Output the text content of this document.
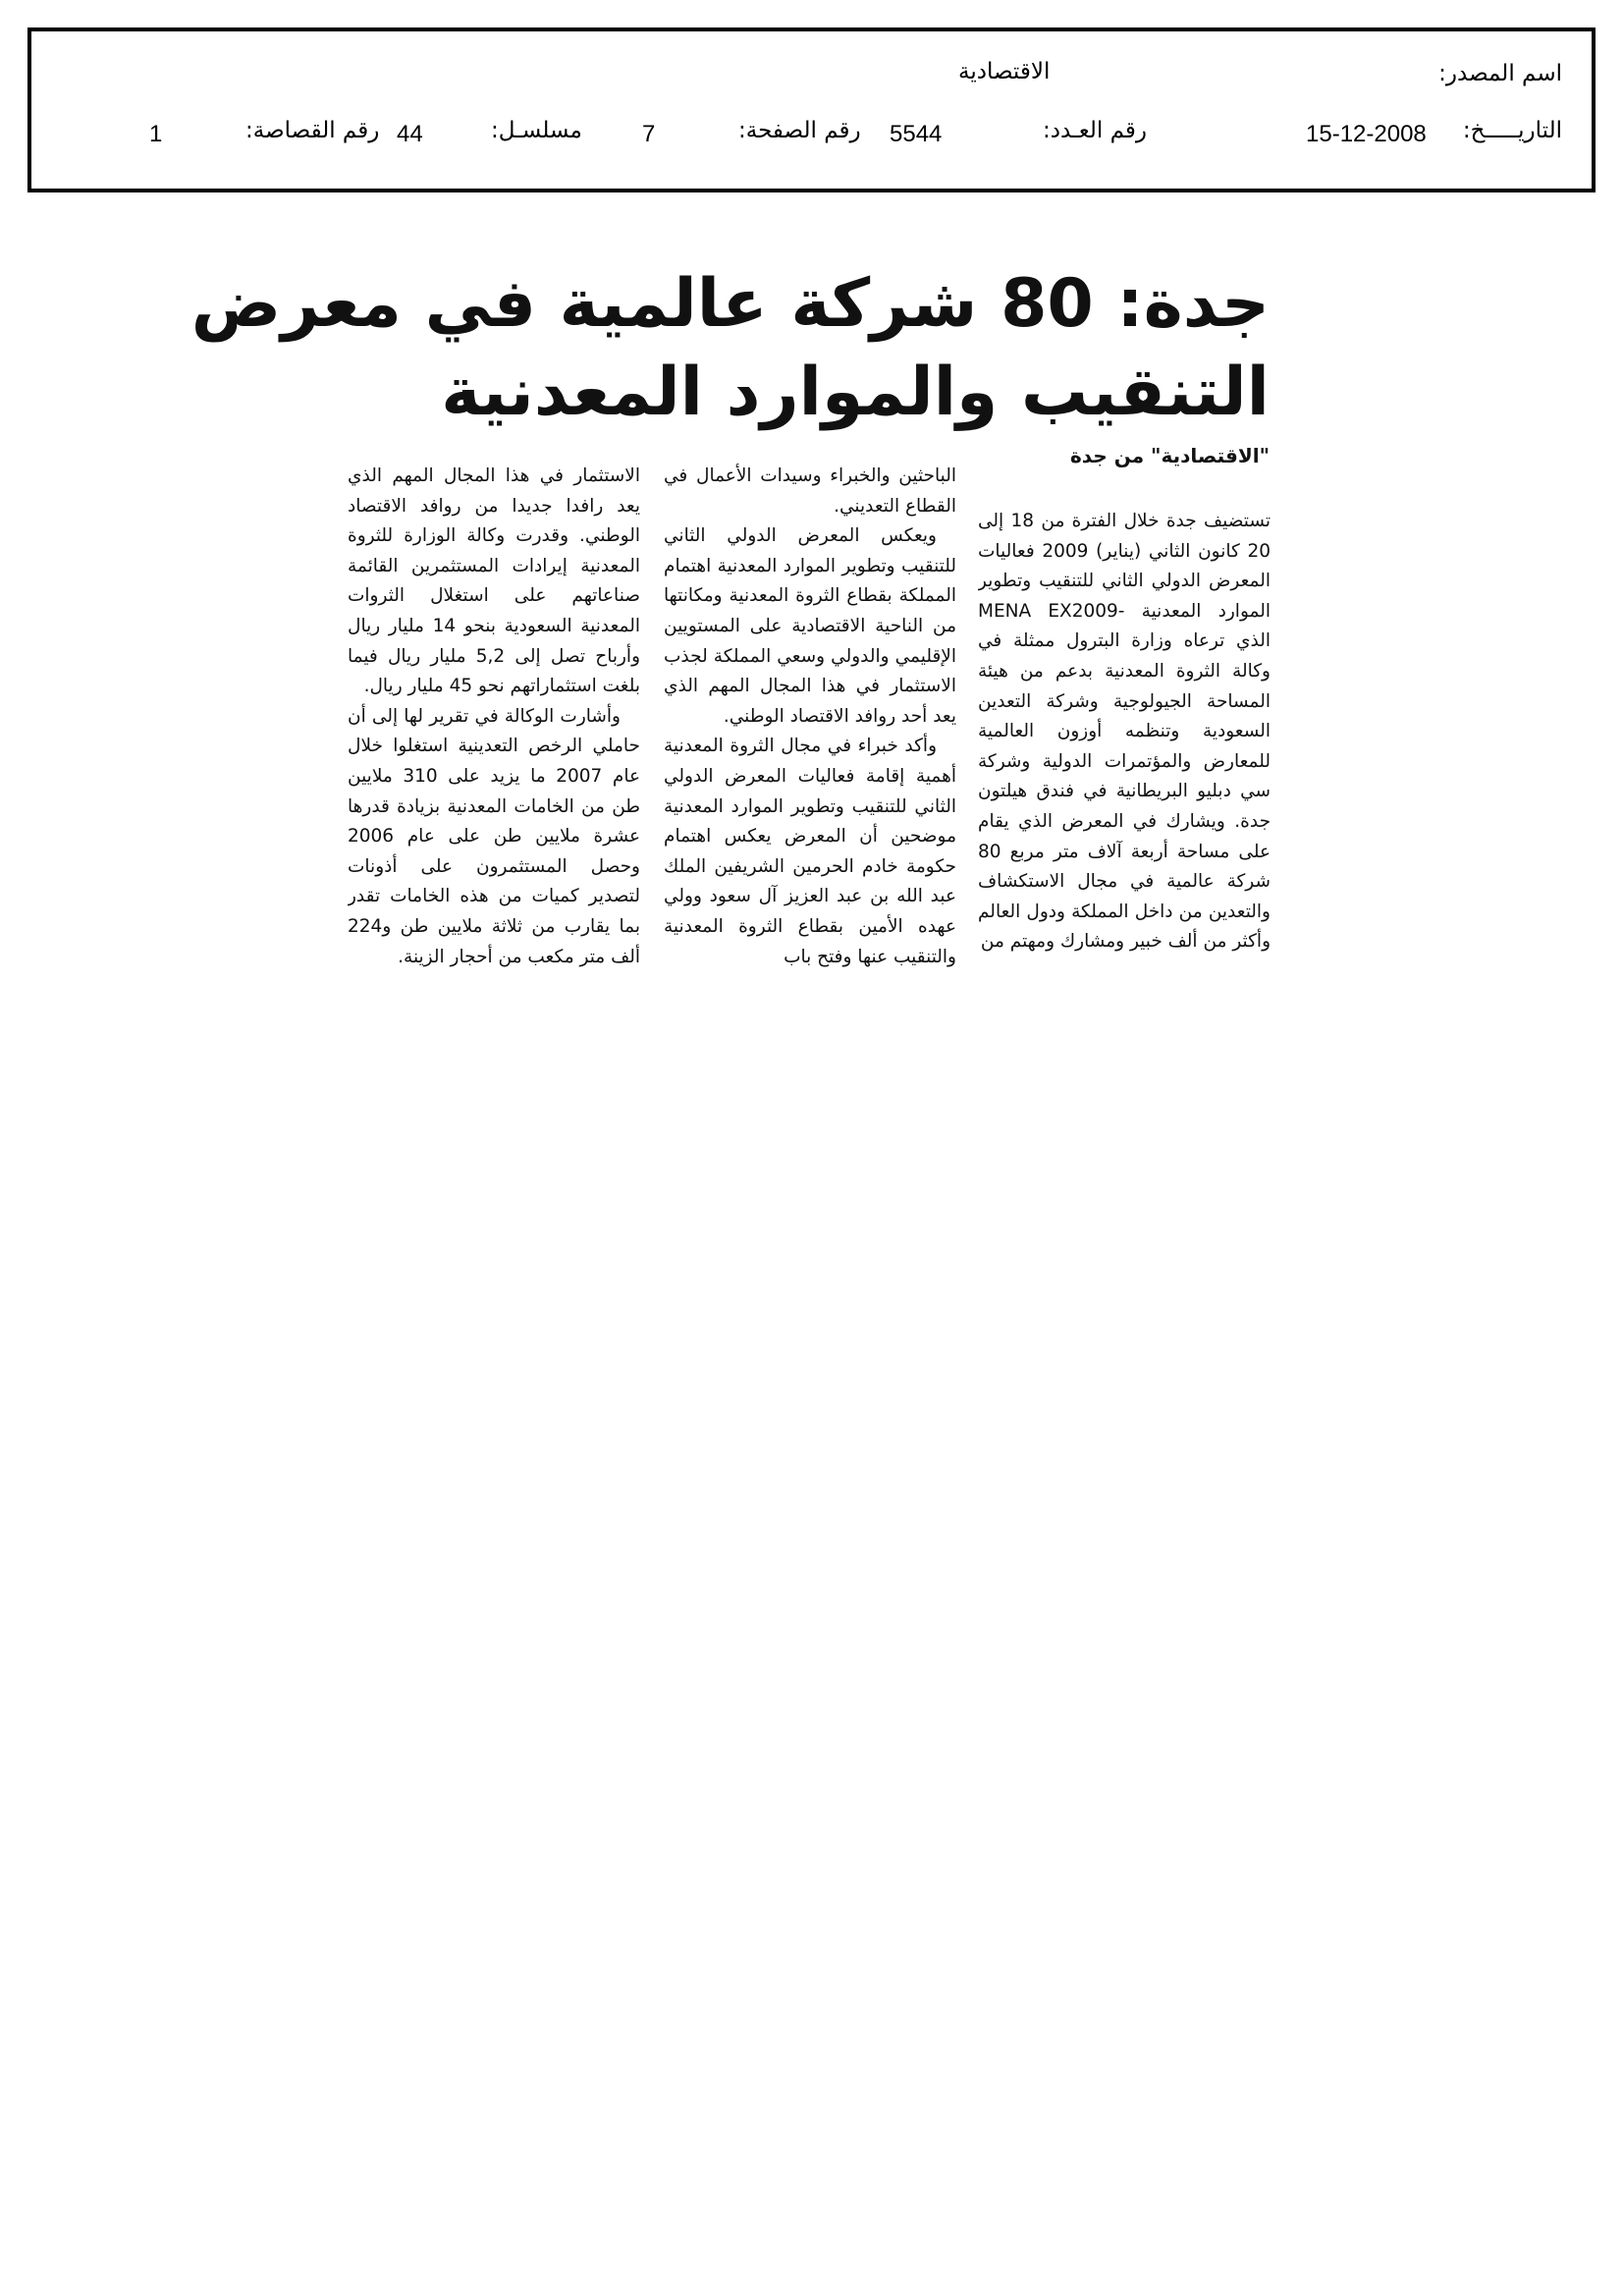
اسم المصدر:
الاقتصادية
التاريـــــخ:
15-12-2008
رقم العـدد:
5544
رقم الصفحة:
7
مسلسـل:
44
رقم القصاصة:
1
جدة: 80 شركة عالمية في معرض
التنقيب والموارد المعدنية
"الاقتصادية" من جدة

تستضيف جدة خلال الفترة من 18 إلى 20 كانون الثاني (يناير) 2009 فعاليات المعرض الدولي الثاني للتنقيب وتطوير الموارد المعدنية -MENA EX2009 الذي ترعاه وزارة البترول ممثلة في وكالة الثروة المعدنية بدعم من هيئة المساحة الجيولوجية وشركة التعدين السعودية وتنظمه أوزون العالمية للمعارض والمؤتمرات الدولية وشركة سي دبليو البريطانية في فندق هيلتون جدة. ويشارك في المعرض الذي يقام على مساحة أربعة آلاف متر مربع 80 شركة عالمية في مجال الاستكشاف والتعدين من داخل المملكة ودول العالم وأكثر من ألف خبير ومشارك ومهتم من

الباحثين والخبراء وسيدات الأعمال في القطاع التعديني.

ويعكس المعرض الدولي الثاني للتنقيب وتطوير الموارد المعدنية اهتمام المملكة بقطاع الثروة المعدنية ومكانتها من الناحية الاقتصادية على المستويين الإقليمي والدولي وسعي المملكة لجذب الاستثمار في هذا المجال المهم الذي يعد أحد روافد الاقتصاد الوطني.

وأكد خبراء في مجال الثروة المعدنية أهمية إقامة فعاليات المعرض الدولي الثاني للتنقيب وتطوير الموارد المعدنية موضحين أن المعرض يعكس اهتمام حكومة خادم الحرمين الشريفين الملك عبد الله بن عبد العزيز آل سعود وولي عهده الأمين بقطاع الثروة المعدنية والتنقيب عنها وفتح باب

الاستثمار في هذا المجال المهم الذي يعد رافدا جديدا من روافد الاقتصاد الوطني. وقدرت وكالة الوزارة للثروة المعدنية إيرادات المستثمرين القائمة صناعاتهم على استغلال الثروات المعدنية السعودية بنحو 14 مليار ريال وأرباح تصل إلى 5,2 مليار ريال فيما بلغت استثماراتهم نحو 45 مليار ريال.

وأشارت الوكالة في تقرير لها إلى أن حاملي الرخص التعدينية استغلوا خلال عام 2007 ما يزيد على 310 ملايين طن من الخامات المعدنية بزيادة قدرها عشرة ملايين طن على عام 2006 وحصل المستثمرون على أذونات لتصدير كميات من هذه الخامات تقدر بما يقارب من ثلاثة ملايين طن و224 ألف متر مكعب من أحجار الزينة.
